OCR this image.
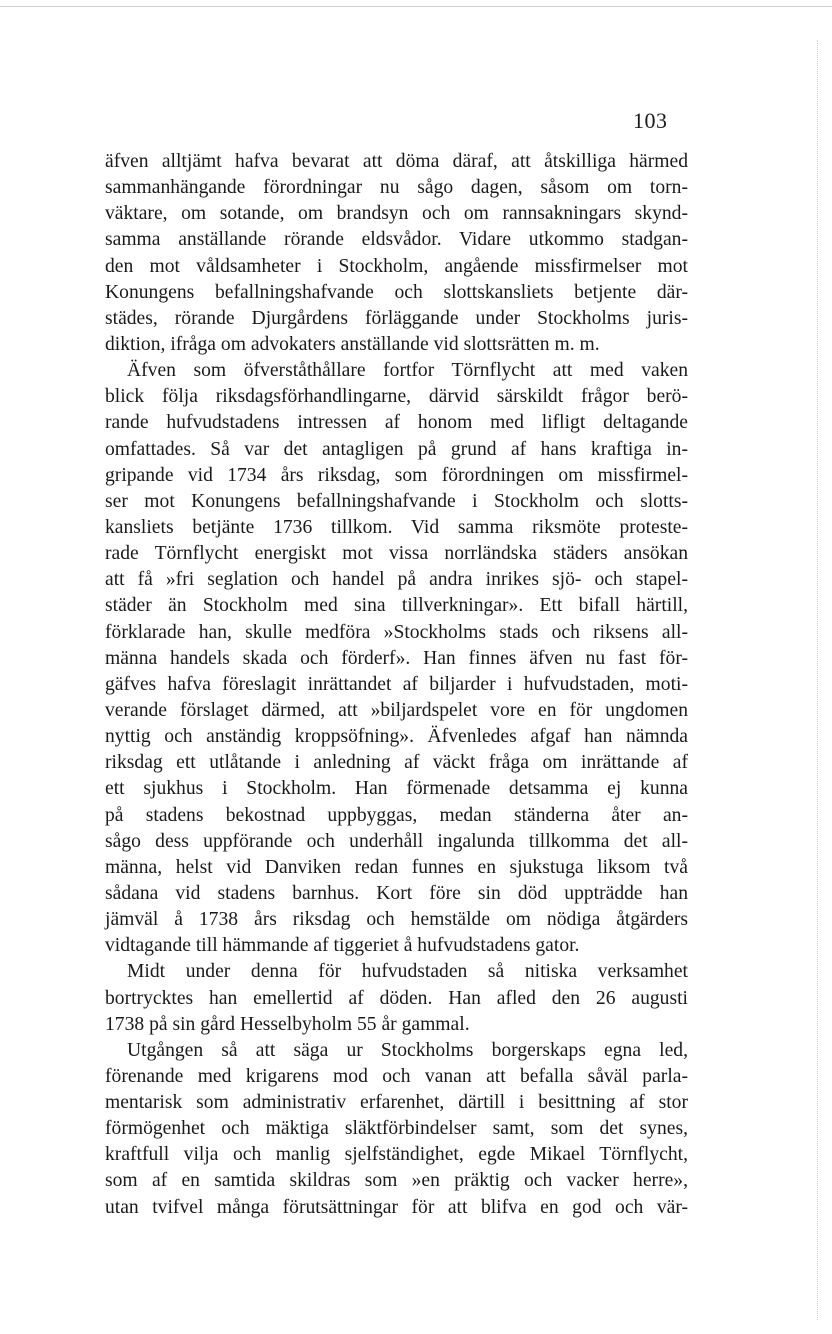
103

äfven alltjämt hafva bevarat att döma däraf, att åtskilliga härmed
sammanhängande förordningar nu sågo dagen, såsom om torn-
väktare, om sotande, om brandsyn och om rannsakningars skynd-
samma anställande rörande eldsvådor. Vidare utkommo stadgan-
den mot våldsamheter i Stockholm, angående missfirmelser mot
Konungens befallningshafvande och slottskansliets betjente där-
städes, rörande Djurgårdens förläggande under Stockholms juris-
diktion, ifråga om advokaters anställande vid slottsrätten m. m.
Äfven som öfverståthållare fortfor Törnflycht att med vaken
blick följa riksdagsförhandlingarne, därvid särskildt frågor berö-
rande hufvudstadens intressen af honom med lifligt deltagande
omfattades. Så var det antagligen på grund af hans kraftiga in-
gripande vid 1734 års riksdag, som förordningen om missfirmel-
ser mot Konungens befallningshafvande i Stockholm och slotts-
kansliets betjänte 1736 tillkom. Vid samma riksmöte proteste-
rade Törnflycht energiskt mot vissa norrländska städers ansökan
att få »fri seglation och handel på andra inrikes sjö- och stapel-
städer än Stockholm med sina tillverkningar». Ett bifall härtill,
förklarade han, skulle medföra »Stockholms stads och riksens all-
männa handels skada och förderf». Han finnes äfven nu fast för-
gäfves hafva föreslagit inrättandet af biljarder i hufvudstaden, moti-
verande förslaget därmed, att »biljardspelet vore en för ungdomen
nyttig och anständig kroppsöfning». Äfvenledes afgaf han nämnda
riksdag ett utlåtande i anledning af väckt fråga om inrättande af
ett sjukhus i Stockholm. Han förmenade detsamma ej kunna
på stadens bekostnad uppbyggas, medan ständerna åter an-
sågo dess uppförande och underhåll ingalunda tillkomma det all-
männa, helst vid Danviken redan funnes en sjukstuga liksom två
sådana vid stadens barnhus. Kort före sin död uppträdde han
jämväl å 1738 års riksdag och hemstälde om nödiga åtgärders
vidtagande till hämmande af tiggeriet å hufvudstadens gator.
Midt under denna för hufvudstaden så nitiska verksamhet
bortrycktes han emellertid af döden. Han afled den 26 augusti
1738 på sin gård Hesselbyholm 55 år gammal.
Utgången så att säga ur Stockholms borgerskaps egna led,
förenande med krigarens mod och vanan att befalla såväl parla-
mentarisk som administrativ erfarenhet, därtill i besittning af stor
förmögenhet och mäktiga släktförbindelser samt, som det synes,
kraftfull vilja och manlig sjelfständighet, egde Mikael Törnflycht,
som af en samtida skildras som »en präktig och vacker herre»,
utan tvifvel många förutsättningar för att blifva en god och vär-
